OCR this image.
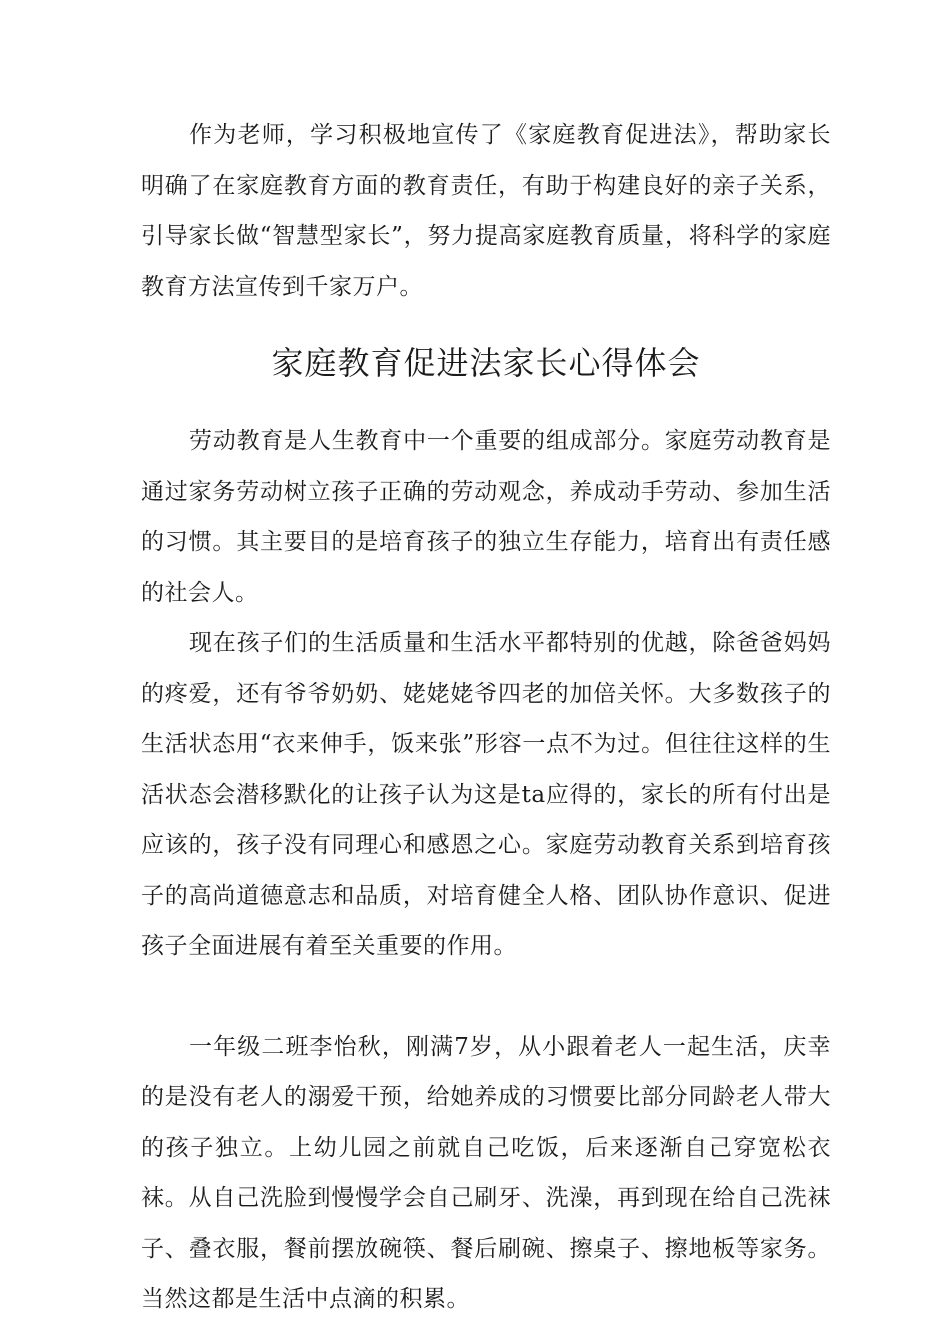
作为老师，学习积极地宣传了《家庭教育促进法》，帮助家长明确了在家庭教育方面的教育责任，有助于构建良好的亲子关系，引导家长做“智慧型家长”，努力提高家庭教育质量，将科学的家庭教育方法宣传到千家万户。

家庭教育促进法家长心得体会

劳动教育是人生教育中一个重要的组成部分。家庭劳动教育是通过家务劳动树立孩子正确的劳动观念，养成动手劳动、参加生活的习惯。其主要目的是培育孩子的独立生存能力，培育出有责任感的社会人。

现在孩子们的生活质量和生活水平都特别的优越，除爸爸妈妈的疼爱，还有爷爷奶奶、姥姥姥爷四老的加倍关怀。大多数孩子的生活状态用“衣来伸手，饭来张”形容一点不为过。但往往这样的生活状态会潜移默化的让孩子认为这是ta应得的，家长的所有付出是应该的，孩子没有同理心和感恩之心。家庭劳动教育关系到培育孩子的高尚道德意志和品质，对培育健全人格、团队协作意识、促进孩子全面进展有着至关重要的作用。

一年级二班李怡秋，刚满7岁，从小跟着老人一起生活，庆幸的是没有老人的溺爱干预，给她养成的习惯要比部分同龄老人带大的孩子独立。上幼儿园之前就自己吃饭，后来逐渐自己穿宽松衣袜。从自己洗脸到慢慢学会自己刷牙、洗澡，再到现在给自己洗袜子、叠衣服，餐前摆放碗筷、餐后刷碗、擦桌子、擦地板等家务。当然这都是生活中点滴的积累。
